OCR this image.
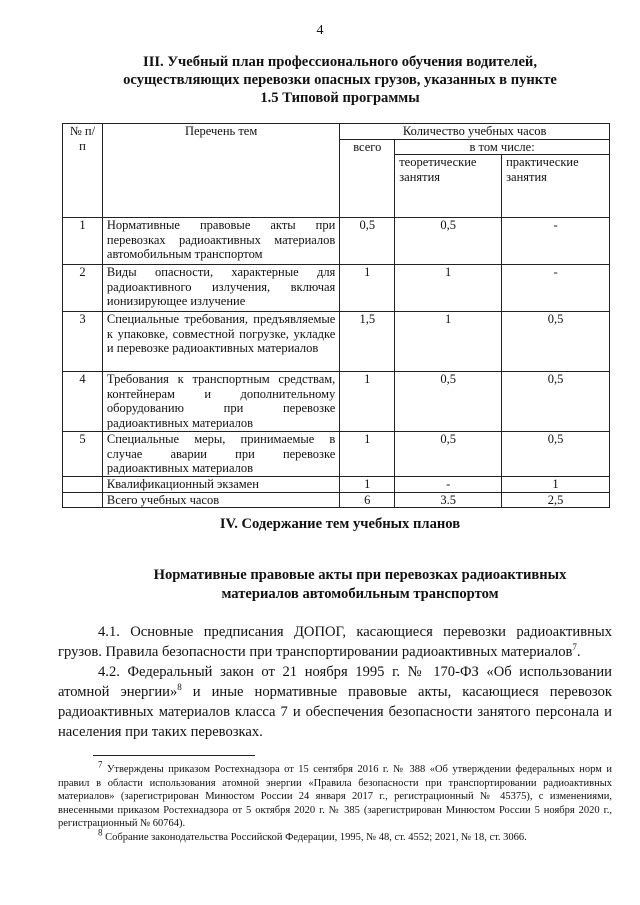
4
III. Учебный план профессионального обучения водителей,
осуществляющих перевозки опасных грузов, указанных в пункте
1.5 Типовой программы
№ п/п	Перечень тем	Количество учебных часов		
		всего	в том числе:	
			теоретические занятия	практические занятия
1	Нормативные правовые акты при перевозках радиоактивных материалов автомобильным транспортом	0,5	0,5	-
2	Виды опасности, характерные для радиоактивного излучения, включая ионизирующее излучение	1	1	-
3	Специальные требования, предъявляемые к упаковке, совместной погрузке, укладке и перевозке радиоактивных материалов	1,5	1	0,5
4	Требования к транспортным средствам, контейнерам и дополнительному оборудованию при перевозке радиоактивных материалов	1	0,5	0,5
5	Специальные меры, принимаемые в случае аварии при перевозке радиоактивных материалов	1	0,5	0,5
	Квалификационный экзамен	1	-	1
	Всего учебных часов	6	3.5	2,5
IV. Содержание тем учебных планов
Нормативные правовые акты при перевозках радиоактивных
материалов автомобильным транспортом
4.1. Основные предписания ДОПОГ, касающиеся перевозки радиоактивных грузов. Правила безопасности при транспортировании радиоактивных материалов$^7$.
4.2. Федеральный закон от 21 ноября 1995 г. № 170-ФЗ «Об использовании атомной энергии»$^8$ и иные нормативные правовые акты, касающиеся перевозок радиоактивных материалов класса 7 и обеспечения безопасности занятого персонала и населения при таких перевозках.

$^7$ Утверждены приказом Ростехнадзора от 15 сентября 2016 г. № 388 «Об утверждении федеральных норм и правил в области использования атомной энергии «Правила безопасности при транспортировании радиоактивных материалов» (зарегистрирован Минюстом России 24 января 2017 г., регистрационный № 45375), с изменениями, внесенными приказом Ростехнадзора от 5 октября 2020 г. № 385 (зарегистрирован Минюстом России 5 ноября 2020 г., регистрационный № 60764).

$^8$ Собрание законодательства Российской Федерации, 1995, № 48, ст. 4552; 2021, № 18, ст. 3066.
